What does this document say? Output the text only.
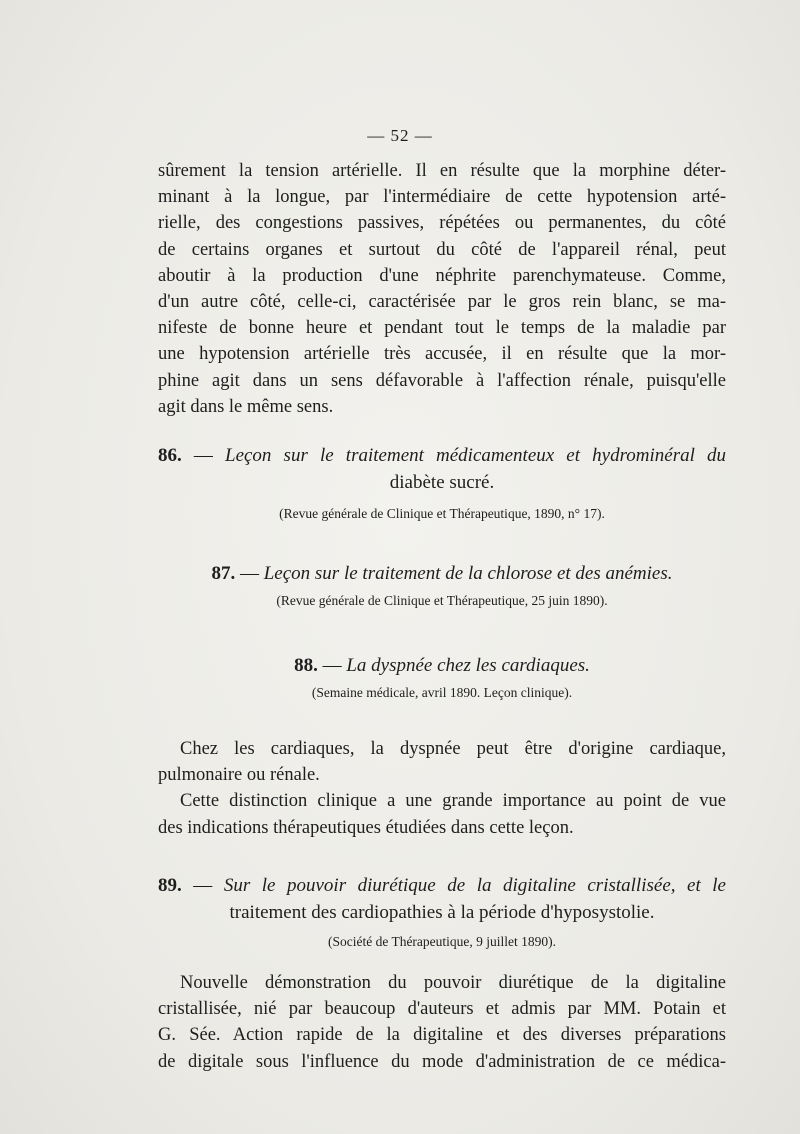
— 52 —
sûrement la tension artérielle. Il en résulte que la morphine déter-
minant à la longue, par l'intermédiaire de cette hypotension arté-
rielle, des congestions passives, répétées ou permanentes, du côté
de certains organes et surtout du côté de l'appareil rénal, peut
aboutir à la production d'une néphrite parenchymateuse. Comme,
d'un autre côté, celle-ci, caractérisée par le gros rein blanc, se ma-
nifeste de bonne heure et pendant tout le temps de la maladie par
une hypotension artérielle très accusée, il en résulte que la mor-
phine agit dans un sens défavorable à l'affection rénale, puisqu'elle
agit dans le même sens.
86. — Leçon sur le traitement médicamenteux et hydrominéral du
diabète sucré.
(Revue générale de Clinique et Thérapeutique, 1890, n° 17).
87. — Leçon sur le traitement de la chlorose et des anémies.
(Revue générale de Clinique et Thérapeutique, 25 juin 1890).
88. — La dyspnée chez les cardiaques.
(Semaine médicale, avril 1890. Leçon clinique).
Chez les cardiaques, la dyspnée peut être d'origine cardiaque,
pulmonaire ou rénale.
Cette distinction clinique a une grande importance au point de vue
des indications thérapeutiques étudiées dans cette leçon.
89. — Sur le pouvoir diurétique de la digitaline cristallisée, et le
traitement des cardiopathies à la période d'hyposystolie.
(Société de Thérapeutique, 9 juillet 1890).
Nouvelle démonstration du pouvoir diurétique de la digitaline
cristallisée, nié par beaucoup d'auteurs et admis par MM. Potain et
G. Sée. Action rapide de la digitaline et des diverses préparations
de digitale sous l'influence du mode d'administration de ce médica-
